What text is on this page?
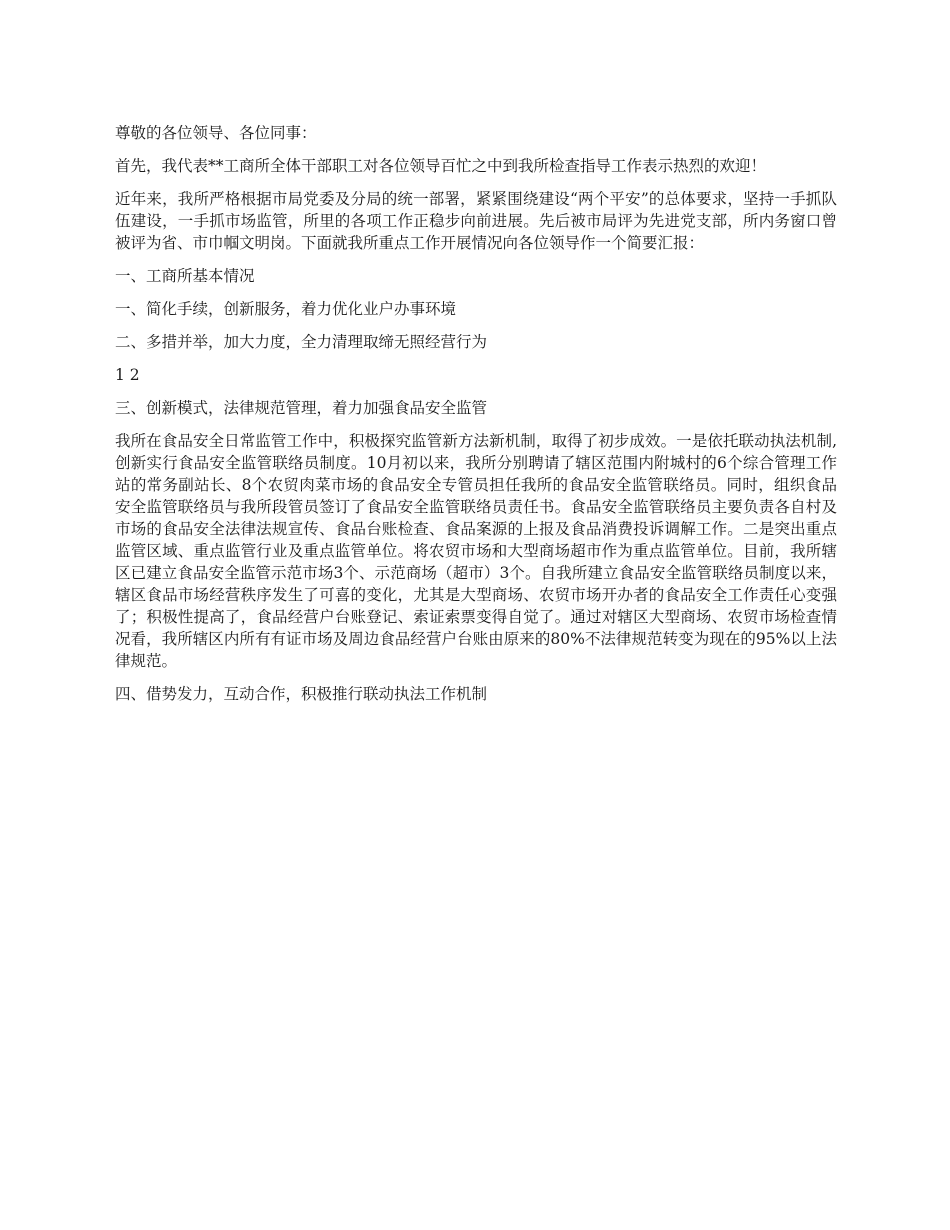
尊敬的各位领导、各位同事：

首先，我代表**工商所全体干部职工对各位领导百忙之中到我所检查指导工作表示热烈的欢迎！

近年来，我所严格根据市局党委及分局的统一部署，紧紧围绕建设“两个平安”的总体要求，坚持一手抓队伍建设，一手抓市场监管，所里的各项工作正稳步向前进展。先后被市局评为先进党支部，所内务窗口曾被评为省、市巾帼文明岗。下面就我所重点工作开展情况向各位领导作一个简要汇报：

一、工商所基本情况

一、简化手续，创新服务，着力优化业户办事环境

二、多措并举，加大力度，全力清理取缔无照经营行为

1 2

三、创新模式，法律规范管理，着力加强食品安全监管

我所在食品安全日常监管工作中，积极探究监管新方法新机制，取得了初步成效。一是依托联动执法机制,创新实行食品安全监管联络员制度。10月初以来，我所分别聘请了辖区范围内附城村的6个综合管理工作站的常务副站长、8个农贸肉菜市场的食品安全专管员担任我所的食品安全监管联络员。同时，组织食品安全监管联络员与我所段管员签订了食品安全监管联络员责任书。食品安全监管联络员主要负责各自村及市场的食品安全法律法规宣传、食品台账检查、食品案源的上报及食品消费投诉调解工作。二是突出重点监管区域、重点监管行业及重点监管单位。将农贸市场和大型商场超市作为重点监管单位。目前，我所辖区已建立食品安全监管示范市场3个、示范商场（超市）3个。自我所建立食品安全监管联络员制度以来，辖区食品市场经营秩序发生了可喜的变化，尤其是大型商场、农贸市场开办者的食品安全工作责任心变强了；积极性提高了，食品经营户台账登记、索证索票变得自觉了。通过对辖区大型商场、农贸市场检查情况看，我所辖区内所有有证市场及周边食品经营户台账由原来的80%不法律规范转变为现在的95%以上法律规范。

四、借势发力，互动合作，积极推行联动执法工作机制
